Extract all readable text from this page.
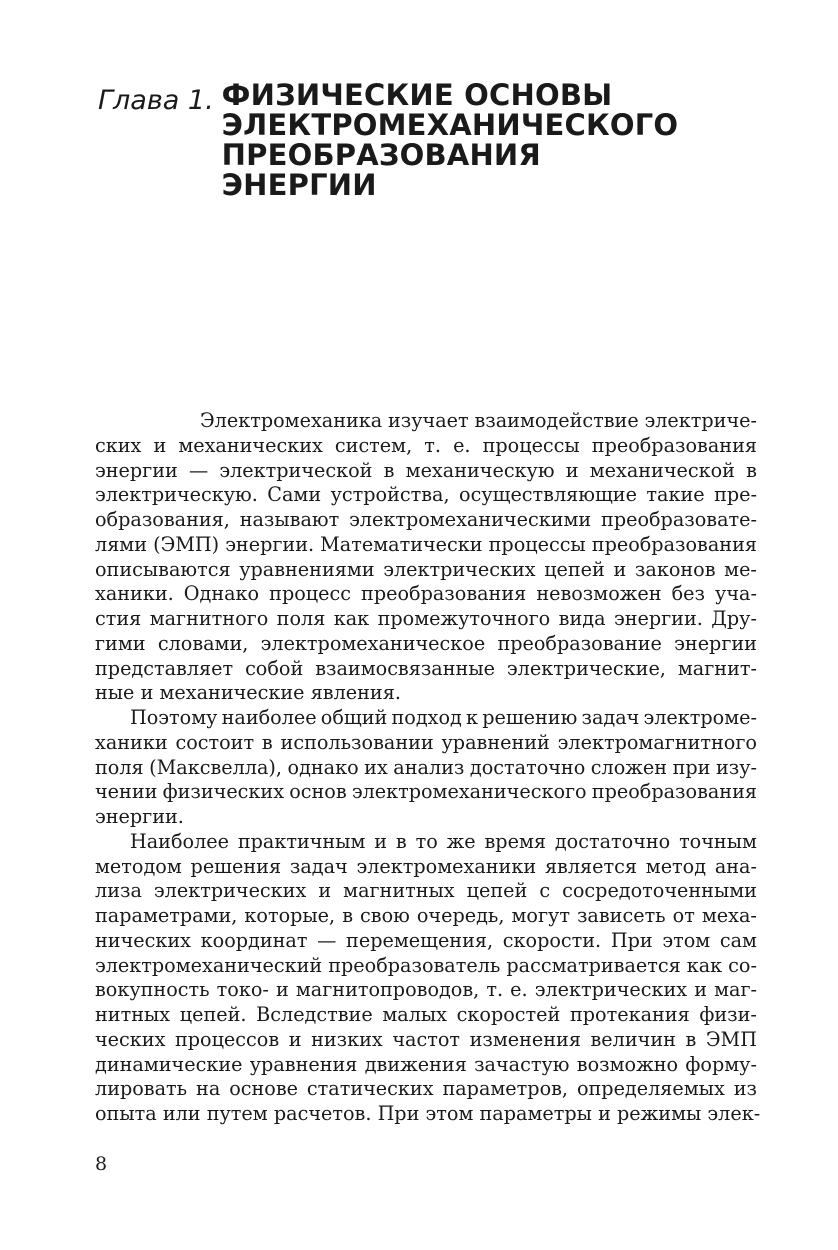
Глава 1. ФИЗИЧЕСКИЕ ОСНОВЫ
ЭЛЕКТРОМЕХАНИЧЕСКОГО
ПРЕОБРАЗОВАНИЯ
ЭНЕРГИИ
Электромеханика изучает взаимодействие электриче-
ских и механических систем, т. е. процессы преобразования
энергии — электрической в механическую и механической в
электрическую. Сами устройства, осуществляющие такие пре-
образования, называют электромеханическими преобразовате-
лями (ЭМП) энергии. Математически процессы преобразования
описываются уравнениями электрических цепей и законов ме-
ханики. Однако процесс преобразования невозможен без уча-
стия магнитного поля как промежуточного вида энергии. Дру-
гими словами, электромеханическое преобразование энергии
представляет собой взаимосвязанные электрические, магнит-
ные и механические явления.
Поэтому наиболее общий подход к решению задач электроме-
ханики состоит в использовании уравнений электромагнитного
поля (Максвелла), однако их анализ достаточно сложен при изу-
чении физических основ электромеханического преобразования
энергии.
Наиболее практичным и в то же время достаточно точным
методом решения задач электромеханики является метод ана-
лиза электрических и магнитных цепей с сосредоточенными
параметрами, которые, в свою очередь, могут зависеть от меха-
нических координат — перемещения, скорости. При этом сам
электромеханический преобразователь рассматривается как со-
вокупность токо- и магнитопроводов, т. е. электрических и маг-
нитных цепей. Вследствие малых скоростей протекания физи-
ческих процессов и низких частот изменения величин в ЭМП
динамические уравнения движения зачастую возможно форму-
лировать на основе статических параметров, определяемых из
опыта или путем расчетов. При этом параметры и режимы элек-
8
